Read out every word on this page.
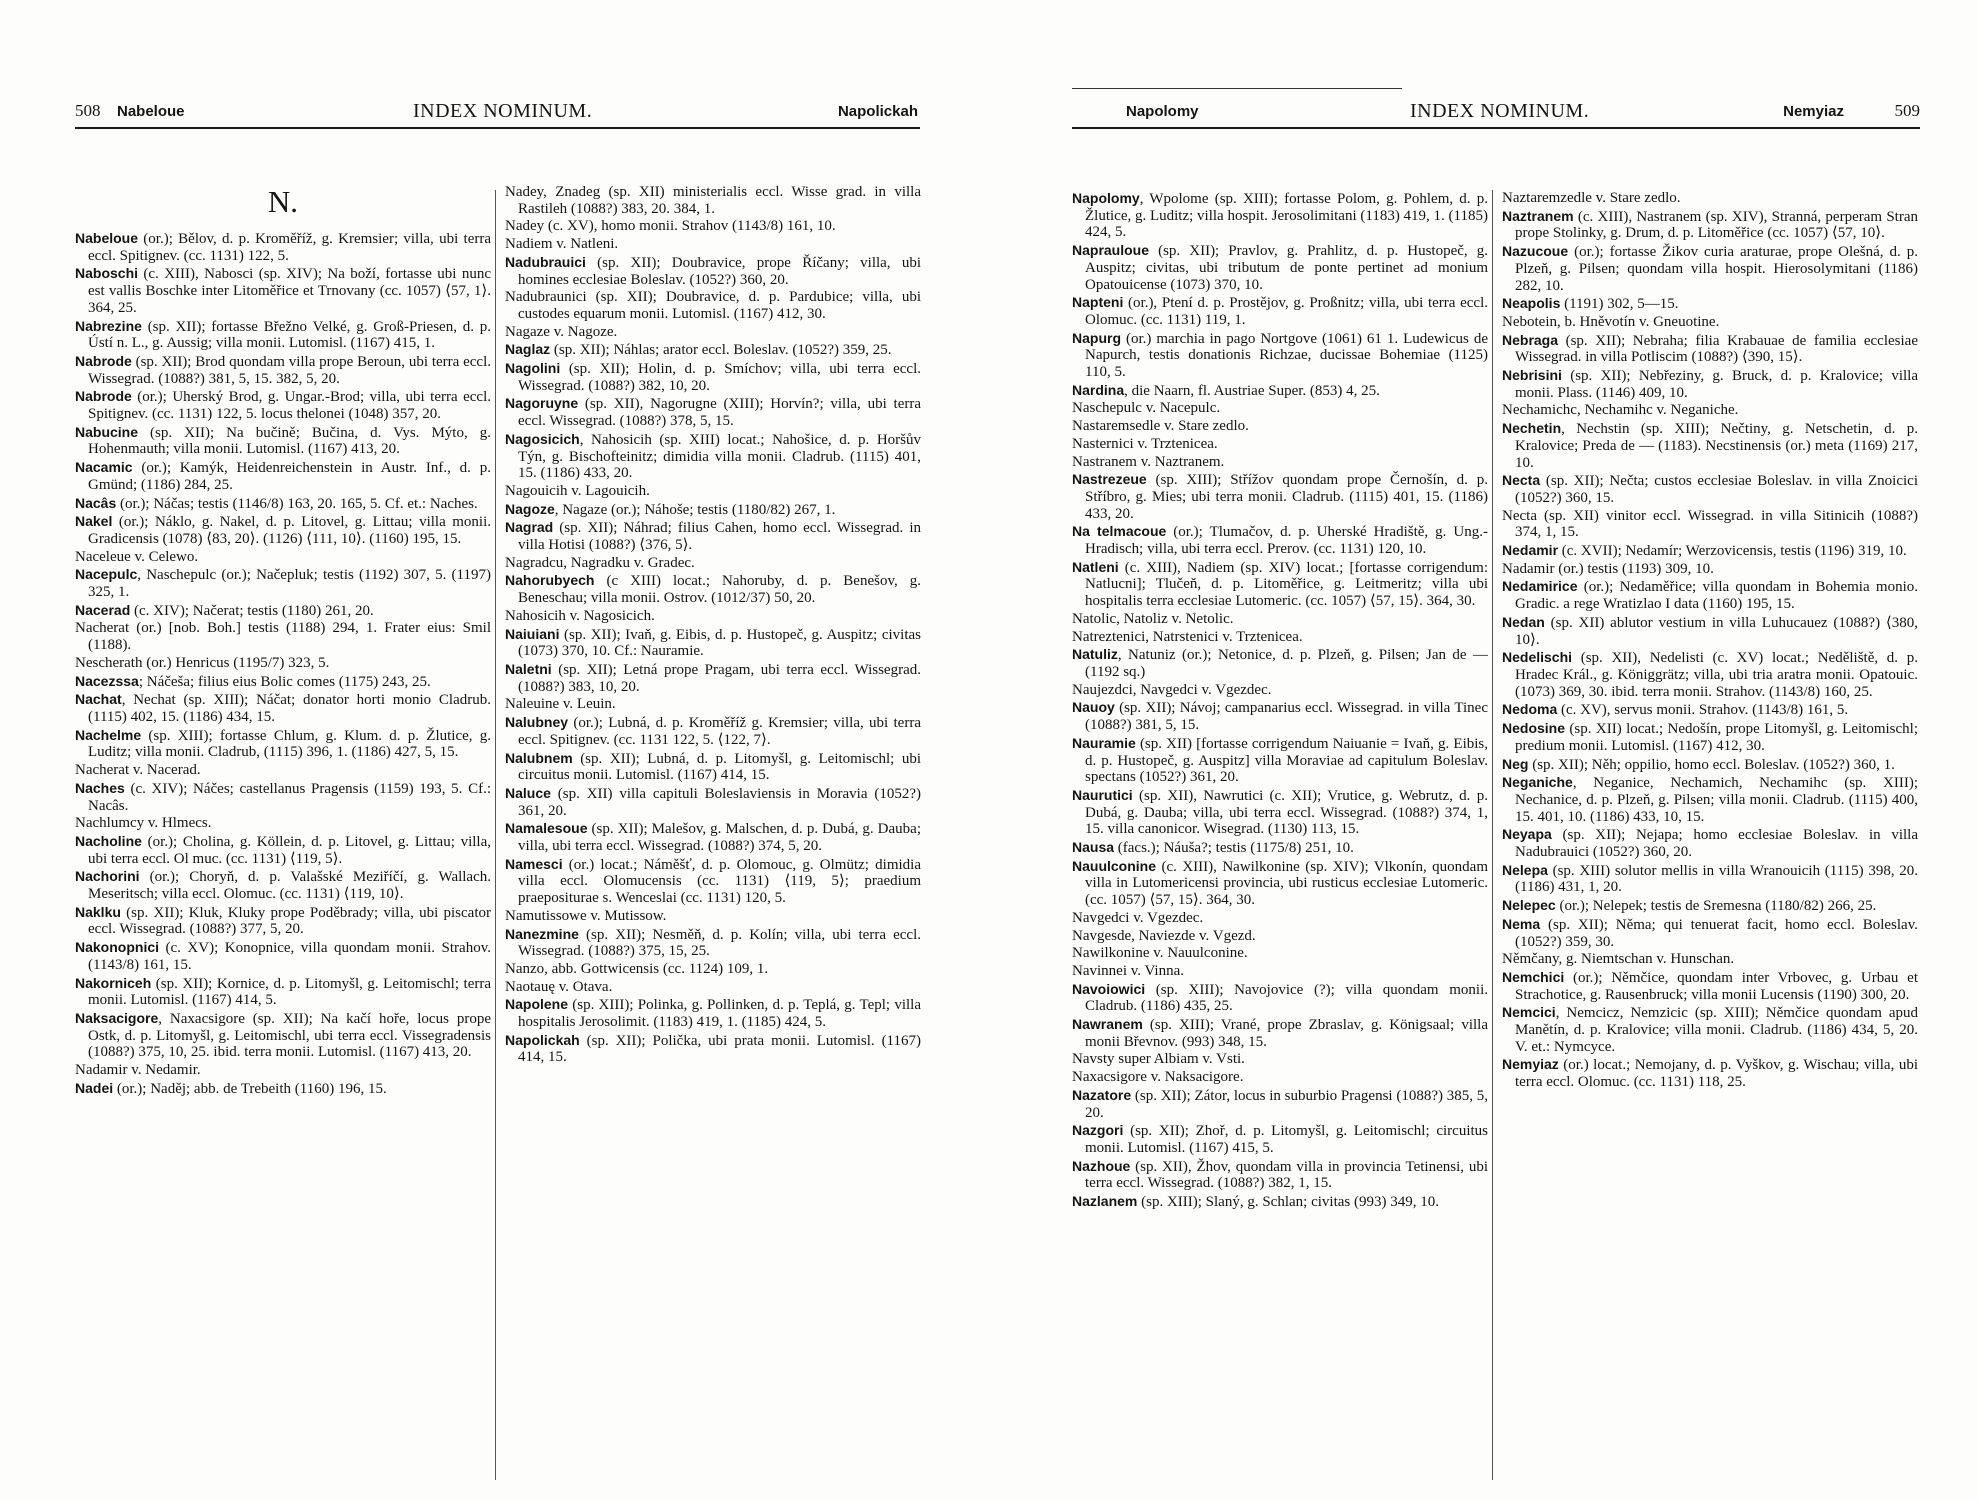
508 Nabeloue	INDEX NOMINUM.	Napolickah
N.

Nabeloue (or.); Bělov, d. p. Kroměříž, g. Kremsier; villa, ubi terra eccl. Spitignev. (cc. 1131) 122, 5.

Naboschi (c. XIII), Nabosci (sp. XIV); Na boží, fortasse ubi nunc est vallis Boschke inter Litoměřice et Trnovany (cc. 1057) ⟨57, 1⟩. 364, 25.

Nabrezine (sp. XII); fortasse Břežno Velké, g. Groß-Priesen, d. p. Ústí n. L., g. Aussig; villa monii. Lutomisl. (1167) 415, 1.

Nabrode (sp. XII); Brod quondam villa prope Beroun, ubi terra eccl. Wissegrad. (1088?) 381, 5, 15. 382, 5, 20.

Nabrode (or.); Uherský Brod, g. Ungar.-Brod; villa, ubi terra eccl. Spitignev. (cc. 1131) 122, 5. locus thelonei (1048) 357, 20.

Nabucine (sp. XII); Na bučině; Bučina, d. Vys. Mýto, g. Hohenmauth; villa monii. Lutomisl. (1167) 413, 20.

Nacamic (or.); Kamýk, Heidenreichenstein in Austr. Inf., d. p. Gmünd; (1186) 284, 25.

Nacâs (or.); Náčas; testis (1146/8) 163, 20. 165, 5. Cf. et.: Naches.

Nakel (or.); Náklo, g. Nakel, d. p. Litovel, g. Littau; villa monii. Gradicensis (1078) ⟨83, 20⟩. (1126) ⟨111, 10⟩. (1160) 195, 15.

Naceleue v. Celewo.

Nacepulc, Naschepulc (or.); Načepluk; testis (1192) 307, 5. (1197) 325, 1.

Nacerad (c. XIV); Načerat; testis (1180) 261, 20.

Nacherat (or.) [nob. Boh.] testis (1188) 294, 1. Frater eius: Smil (1188).

Nescherath (or.) Henricus (1195/7) 323, 5.

Nacezssa; Náčeša; filius eius Bolic comes (1175) 243, 25.

Nachat, Nechat (sp. XIII); Náčat; donator horti monio Cladrub. (1115) 402, 15. (1186) 434, 15.

Nachelme (sp. XIII); fortasse Chlum, g. Klum. d. p. Žlutice, g. Luditz; villa monii. Cladrub, (1115) 396, 1. (1186) 427, 5, 15.

Nacherat v. Nacerad.

Naches (c. XIV); Náčes; castellanus Pragensis (1159) 193, 5. Cf.: Nacâs.

Nachlumcy v. Hlmecs.

Nacholine (or.); Cholina, g. Köllein, d. p. Litovel, g. Littau; villa, ubi terra eccl. Ol muc. (cc. 1131) ⟨119, 5⟩.

Nachorini (or.); Choryň, d. p. Valašské Meziříčí, g. Wallach. Meseritsch; villa eccl. Olomuc. (cc. 1131) ⟨119, 10⟩.

Naklku (sp. XII); Kluk, Kluky prope Poděbrady; villa, ubi piscator eccl. Wissegrad. (1088?) 377, 5, 20.

Nakonopnici (c. XV); Konopnice, villa quondam monii. Strahov. (1143/8) 161, 15.

Nakorniceh (sp. XII); Kornice, d. p. Litomyšl, g. Leitomischl; terra monii. Lutomisl. (1167) 414, 5.

Naksacigore, Naxacsigore (sp. XII); Na kačí hoře, locus prope Ostk, d. p. Litomyšl, g. Leitomischl, ubi terra eccl. Vissegradensis (1088?) 375, 10, 25. ibid. terra monii. Lutomisl. (1167) 413, 20.

Nadamir v. Nedamir.

Nadei (or.); Naděj; abb. de Trebeith (1160) 196, 15.

Nadey, Znadeg (sp. XII) ministerialis eccl. Wisse grad. in villa Rastileh (1088?) 383, 20. 384, 1.

Nadey (c. XV), homo monii. Strahov (1143/8) 161, 10.

Nadiem v. Natleni.

Nadubrauici (sp. XII); Doubravice, prope Říčany; villa, ubi homines ecclesiae Boleslav. (1052?) 360, 20.

Nadubraunici (sp. XII); Doubravice, d. p. Pardubice; villa, ubi custodes equarum monii. Lutomisl. (1167) 412, 30.

Nagaze v. Nagoze.

Naglaz (sp. XII); Náhlas; arator eccl. Boleslav. (1052?) 359, 25.

Nagolini (sp. XII); Holin, d. p. Smíchov; villa, ubi terra eccl. Wissegrad. (1088?) 382, 10, 20.

Nagoruyne (sp. XII), Nagorugne (XIII); Horvín?; villa, ubi terra eccl. Wissegrad. (1088?) 378, 5, 15.

Nagosicich, Nahosicih (sp. XIII) locat.; Nahošice, d. p. Horšův Týn, g. Bischofteinitz; dimidia villa monii. Cladrub. (1115) 401, 15. (1186) 433, 20.

Nagouicih v. Lagouicih.

Nagoze, Nagaze (or.); Náhoše; testis (1180/82) 267, 1.

Nagrad (sp. XII); Náhrad; filius Cahen, homo eccl. Wissegrad. in villa Hotisi (1088?) ⟨376, 5⟩.

Nagradcu, Nagradku v. Gradec.

Nahorubyech (c XIII) locat.; Nahoruby, d. p. Benešov, g. Beneschau; villa monii. Ostrov. (1012/37) 50, 20.

Nahosicih v. Nagosicich.

Naiuiani (sp. XII); Ivaň, g. Eibis, d. p. Hustopeč, g. Auspitz; civitas (1073) 370, 10. Cf.: Nauramie.

Naletni (sp. XII); Letná prope Pragam, ubi terra eccl. Wissegrad. (1088?) 383, 10, 20.

Naleuine v. Leuin.

Nalubney (or.); Lubná, d. p. Kroměříž g. Kremsier; villa, ubi terra eccl. Spitignev. (cc. 1131 122, 5. ⟨122, 7⟩.

Nalubnem (sp. XII); Lubná, d. p. Litomyšl, g. Leitomischl; ubi circuitus monii. Lutomisl. (1167) 414, 15.

Naluce (sp. XII) villa capituli Boleslaviensis in Moravia (1052?) 361, 20.

Namalesoue (sp. XII); Malešov, g. Malschen, d. p. Dubá, g. Dauba; villa, ubi terra eccl. Wissegrad. (1088?) 374, 5, 20.

Namesci (or.) locat.; Náměšť, d. p. Olomouc, g. Olmütz; dimidia villa eccl. Olomucensis (cc. 1131) ⟨119, 5⟩; praedium praepositurae s. Wenceslai (cc. 1131) 120, 5.

Namutissowe v. Mutissow.

Nanezmine (sp. XII); Nesměň, d. p. Kolín; villa, ubi terra eccl. Wissegrad. (1088?) 375, 15, 25.

Nanzo, abb. Gottwicensis (cc. 1124) 109, 1.

Naotauę v. Otava.

Napolene (sp. XIII); Polinka, g. Pollinken, d. p. Teplá, g. Tepl; villa hospitalis Jerosolimit. (1183) 419, 1. (1185) 424, 5.

Napolickah (sp. XII); Polička, ubi prata monii. Lutomisl. (1167) 414, 15.

Napolomy	INDEX NOMINUM.	Nemyiaz	509

Napolomy, Wpolome (sp. XIII); fortasse Polom, g. Pohlem, d. p. Žlutice, g. Luditz; villa hospit. Jerosolimitani (1183) 419, 1. (1185) 424, 5.

Naprauloue (sp. XII); Pravlov, g. Prahlitz, d. p. Hustopeč, g. Auspitz; civitas, ubi tributum de ponte pertinet ad monium Opatouicense (1073) 370, 10.

Napteni (or.), Ptení d. p. Prostějov, g. Proßnitz; villa, ubi terra eccl. Olomuc. (cc. 1131) 119, 1.

Napurg (or.) marchia in pago Nortgove (1061) 61 1. Ludewicus de Napurch, testis donationis Richzae, ducissae Bohemiae (1125) 110, 5.

Nardina, die Naarn, fl. Austriae Super. (853) 4, 25.

Naschepulc v. Nacepulc.

Nastaremsedle v. Stare zedlo.

Nasternici v. Trztenicea.

Nastranem v. Naztranem.

Nastrezeue (sp. XIII); Střížov quondam prope Černošín, d. p. Stříbro, g. Mies; ubi terra monii. Cladrub. (1115) 401, 15. (1186) 433, 20.

Na telmacoue (or.); Tlumačov, d. p. Uherské Hradiště, g. Ung.-Hradisch; villa, ubi terra eccl. Prerov. (cc. 1131) 120, 10.

Natleni (c. XIII), Nadiem (sp. XIV) locat.; [fortasse corrigendum: Natlucni]; Tlučeň, d. p. Litoměřice, g. Leitmeritz; villa ubi hospitalis terra ecclesiae Lutomeric. (cc. 1057) ⟨57, 15⟩. 364, 30.

Natolic, Natoliz v. Netolic.

Natreztenici, Natrstenici v. Trztenicea.

Natuliz, Natuniz (or.); Netonice, d. p. Plzeň, g. Pilsen; Jan de — (1192 sq.)

Naujezdci, Navgedci v. Vgezdec.

Nauoy (sp. XII); Návoj; campanarius eccl. Wissegrad. in villa Tinec (1088?) 381, 5, 15.

Nauramie (sp. XII) [fortasse corrigendum Naiuanie = Ivaň, g. Eibis, d. p. Hustopeč, g. Auspitz] villa Moraviae ad capitulum Boleslav. spectans (1052?) 361, 20.

Naurutici (sp. XII), Nawrutici (c. XII); Vrutice, g. Webrutz, d. p. Dubá, g. Dauba; villa, ubi terra eccl. Wissegrad. (1088?) 374, 1, 15. villa canonicor. Wisegrad. (1130) 113, 15.

Nausa (facs.); Náuša?; testis (1175/8) 251, 10.

Nauulconine (c. XIII), Nawilkonine (sp. XIV); Vlkonín, quondam villa in Lutomericensi provincia, ubi rusticus ecclesiae Lutomeric. (cc. 1057) ⟨57, 15⟩. 364, 30.

Navgedci v. Vgezdec.

Navgesde, Naviezde v. Vgezd.

Nawilkonine v. Nauulconine.

Navinnei v. Vinna.

Navoiowici (sp. XIII); Navojovice (?); villa quondam monii. Cladrub. (1186) 435, 25.

Nawranem (sp. XIII); Vrané, prope Zbraslav, g. Königsaal; villa monii Břevnov. (993) 348, 15.

Navsty super Albiam v. Vsti.

Naxacsigore v. Naksacigore.

Nazatore (sp. XII); Zátor, locus in suburbio Pragensi (1088?) 385, 5, 20.

Nazgori (sp. XII); Zhoř, d. p. Litomyšl, g. Leitomischl; circuitus monii. Lutomisl. (1167) 415, 5.

Nazhoue (sp. XII), Žhov, quondam villa in provincia Tetinensi, ubi terra eccl. Wissegrad. (1088?) 382, 1, 15.

Nazlanem (sp. XIII); Slaný, g. Schlan; civitas (993) 349, 10.

Naztaremzedle v. Stare zedlo.

Naztranem (c. XIII), Nastranem (sp. XIV), Stranná, perperam Stran prope Stolinky, g. Drum, d. p. Litoměřice (cc. 1057) ⟨57, 10⟩.

Nazucoue (or.); fortasse Žikov curia araturae, prope Olešná, d. p. Plzeň, g. Pilsen; quondam villa hospit. Hierosolymitani (1186) 282, 10.

Neapolis (1191) 302, 5—15.

Nebotein, b. Hněvotín v. Gneuotine.

Nebraga (sp. XII); Nebraha; filia Krabauae de familia ecclesiae Wissegrad. in villa Potliscim (1088?) ⟨390, 15⟩.

Nebrisini (sp. XII); Nebřeziny, g. Bruck, d. p. Kralovice; villa monii. Plass. (1146) 409, 10.

Nechamichc, Nechamihc v. Neganiche.

Nechetin, Nechstin (sp. XIII); Nečtiny, g. Netschetin, d. p. Kralovice; Preda de — (1183). Necstinensis (or.) meta (1169) 217, 10.

Necta (sp. XII); Nečta; custos ecclesiae Boleslav. in villa Znoicici (1052?) 360, 15.

Necta (sp. XII) vinitor eccl. Wissegrad. in villa Sitinicih (1088?) 374, 1, 15.

Nedamir (c. XVII); Nedamír; Werzovicensis, testis (1196) 319, 10.

Nadamir (or.) testis (1193) 309, 10.

Nedamirice (or.); Nedaměřice; villa quondam in Bohemia monio. Gradic. a rege Wratizlao I data (1160) 195, 15.

Nedan (sp. XII) ablutor vestium in villa Luhucauez (1088?) ⟨380, 10⟩.

Nedelischi (sp. XII), Nedelisti (c. XV) locat.; Neděliště, d. p. Hradec Král., g. Königgrätz; villa, ubi tria aratra monii. Opatouic. (1073) 369, 30. ibid. terra monii. Strahov. (1143/8) 160, 25.

Nedoma (c. XV), servus monii. Strahov. (1143/8) 161, 5.

Nedosine (sp. XII) locat.; Nedošín, prope Litomyšl, g. Leitomischl; predium monii. Lutomisl. (1167) 412, 30.

Neg (sp. XII); Něh; oppilio, homo eccl. Boleslav. (1052?) 360, 1.

Neganiche, Neganice, Nechamich, Nechamihc (sp. XIII); Nechanice, d. p. Plzeň, g. Pilsen; villa monii. Cladrub. (1115) 400, 15. 401, 10. (1186) 433, 10, 15.

Neyapa (sp. XII); Nejapa; homo ecclesiae Boleslav. in villa Nadubrauici (1052?) 360, 20.

Nelepa (sp. XIII) solutor mellis in villa Wranouicih (1115) 398, 20. (1186) 431, 1, 20.

Nelepec (or.); Nelepek; testis de Sremesna (1180/82) 266, 25.

Nema (sp. XII); Němа; qui tenuerat facit, homo eccl. Boleslav. (1052?) 359, 30.

Němčany, g. Niemtschan v. Hunschan.

Nemchici (or.); Němčice, quondam inter Vrbovec, g. Urbau et Strachotice, g. Rausenbruck; villa monii Lucensis (1190) 300, 20.

Nemcici, Nemcicz, Nemzicic (sp. XIII); Němčice quondam apud Manětín, d. p. Kralovice; villa monii. Cladrub. (1186) 434, 5, 20. V. et.: Nymcyce.

Nemyiaz (or.) locat.; Nemojany, d. p. Vyškov, g. Wischau; villa, ubi terra eccl. Olomuc. (cc. 1131) 118, 25.
